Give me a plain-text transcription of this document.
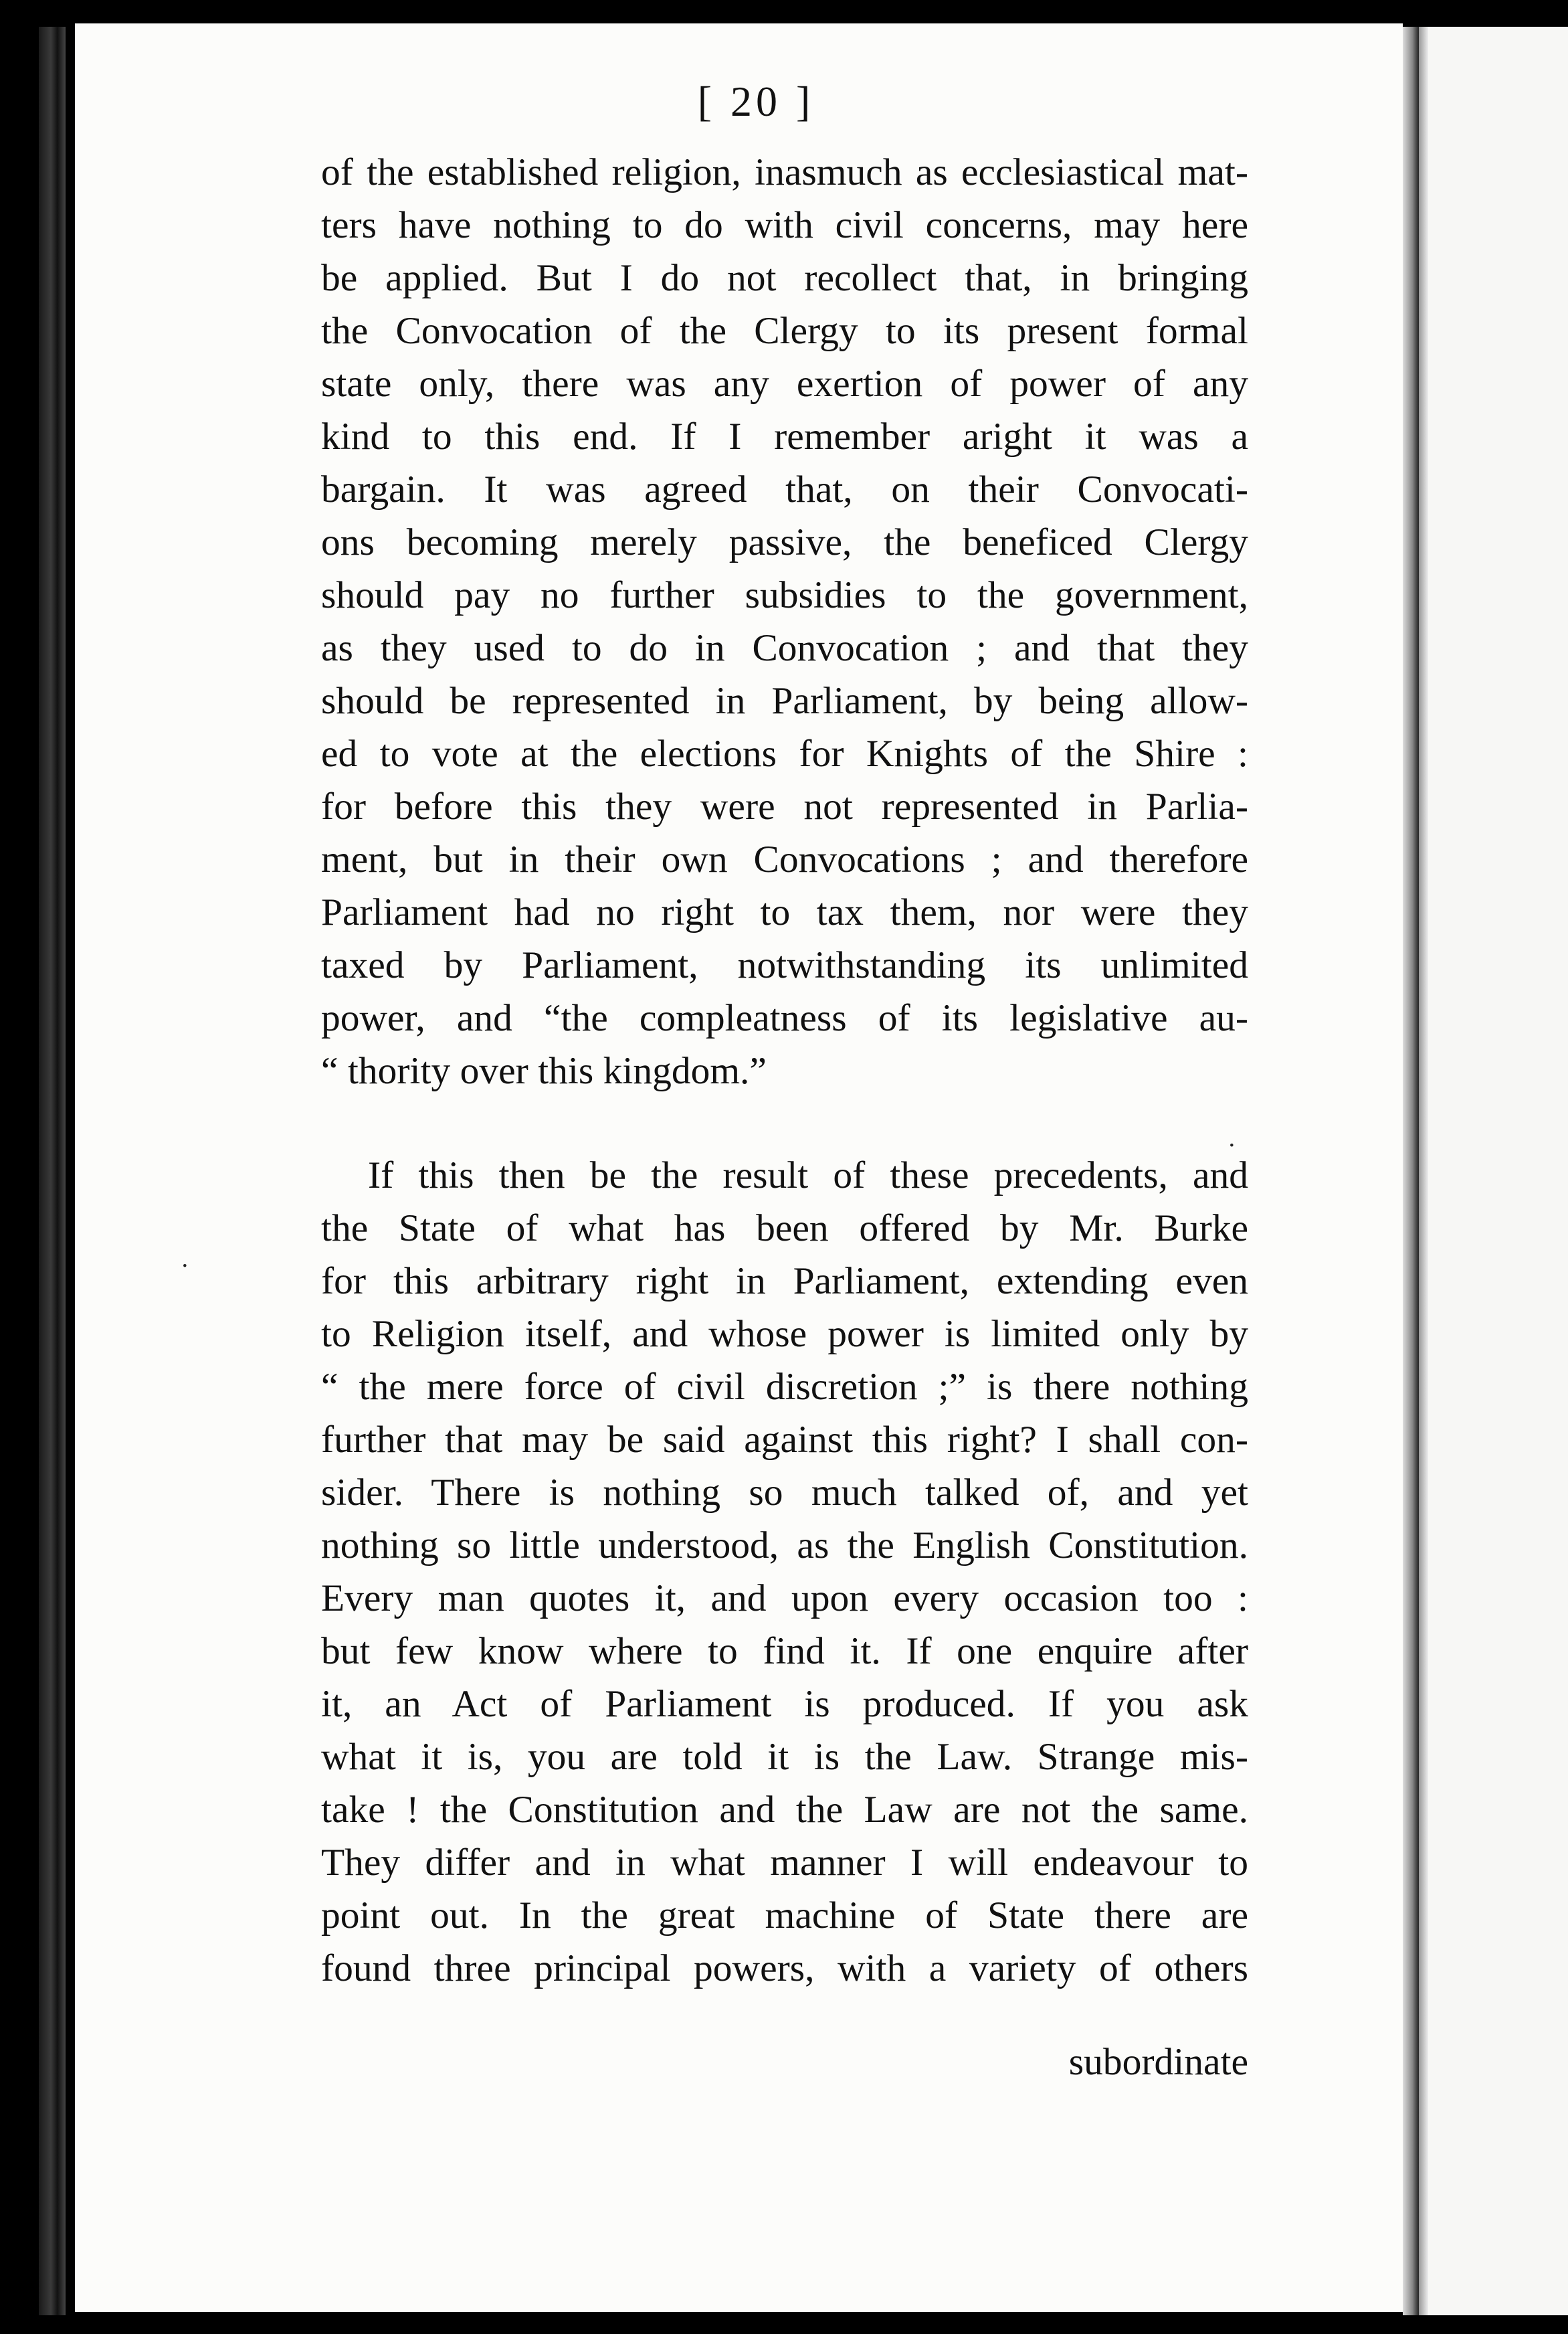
[ 20 ]
of the established religion, inasmuch as ecclesiastical mat-
ters have nothing to do with civil concerns, may here
be applied. But I do not recollect that, in bringing
the Convocation of the Clergy to its present formal
state only, there was any exertion of power of any
kind to this end. If I remember aright it was a
bargain. It was agreed that, on their Convocati-
ons becoming merely passive, the beneficed Clergy
should pay no further subsidies to the government,
as they used to do in Convocation ; and that they
should be represented in Parliament, by being allow-
ed to vote at the elections for Knights of the Shire :
for before this they were not represented in Parlia-
ment, but in their own Convocations ; and therefore
Parliament had no right to tax them, nor were they
taxed by Parliament, notwithstanding its unlimited
power, and “the compleatness of its legislative au-
“ thority over this kingdom.”
If this then be the result of these precedents, and
the State of what has been offered by Mr. Burke
for this arbitrary right in Parliament, extending even
to Religion itself, and whose power is limited only by
“ the mere force of civil discretion ;” is there nothing
further that may be said against this right? I shall con-
sider. There is nothing so much talked of, and yet
nothing so little understood, as the English Constitution.
Every man quotes it, and upon every occasion too :
but few know where to find it. If one enquire after
it, an Act of Parliament is produced. If you ask
what it is, you are told it is the Law. Strange mis-
take ! the Constitution and the Law are not the same.
They differ and in what manner I will endeavour to
point out. In the great machine of State there are
found three principal powers, with a variety of others
subordinate
·
·
